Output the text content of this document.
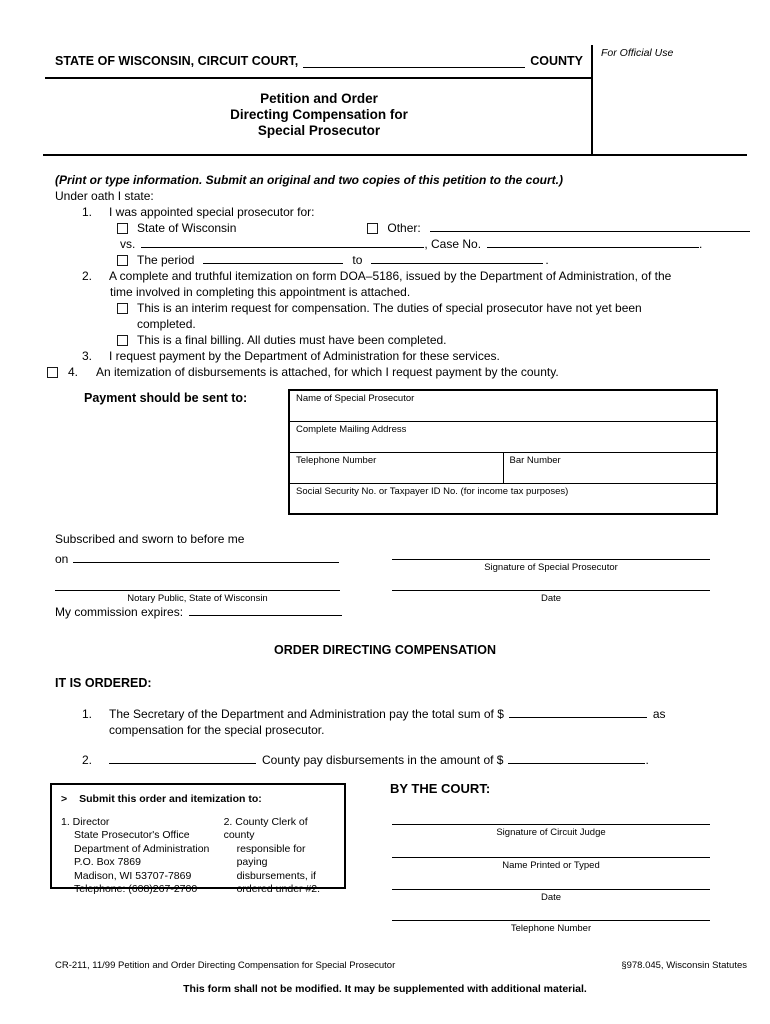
STATE OF WISCONSIN, CIRCUIT COURT,	COUNTY
For Official Use
Petition and Order
Directing Compensation for
Special Prosecutor
(Print or type information. Submit an original and two copies of this petition to the court.)
Under oath I state:
1.	I was appointed special prosecutor for:
State of Wisconsin	Other:
vs.	, Case No.	.
The period	to	.
2.	A complete and truthful itemization on form DOA–5186, issued by the Department of Administration, of the
time involved in completing this appointment is attached.
This is an interim request for compensation. The duties of special prosecutor have not yet been
completed.
This is a final billing. All duties must have been completed.
3.	I request payment by the Department of Administration for these services.
4.	An itemization of disbursements is attached, for which I request payment by the county.
Payment should be sent to:	Name of Special Prosecutor
Complete Mailing Address
Telephone Number	Bar Number
Social Security No. or Taxpayer ID No. (for income tax purposes)
Subscribed and sworn to before me
on
Signature of Special Prosecutor
Notary Public, State of Wisconsin	Date
My commission expires:
ORDER DIRECTING COMPENSATION
IT IS ORDERED:
1.	The Secretary of the Department and Administration pay the total sum of $	as
compensation for the special prosecutor.
2.	County pay disbursements in the amount of $	.
> Submit this order and itemization to:
1. Director
State Prosecutor's Office
Department of Administration
P.O. Box 7869
Madison, WI 53707-7869
Telephone: (608)267-2700
2. County Clerk of county
responsible for paying
disbursements, if
ordered under #2.
BY THE COURT:
Signature of Circuit Judge
Name Printed or Typed
Date
Telephone Number
CR-211, 11/99 Petition and Order Directing Compensation for Special Prosecutor	§978.045, Wisconsin Statutes
This form shall not be modified. It may be supplemented with additional material.
